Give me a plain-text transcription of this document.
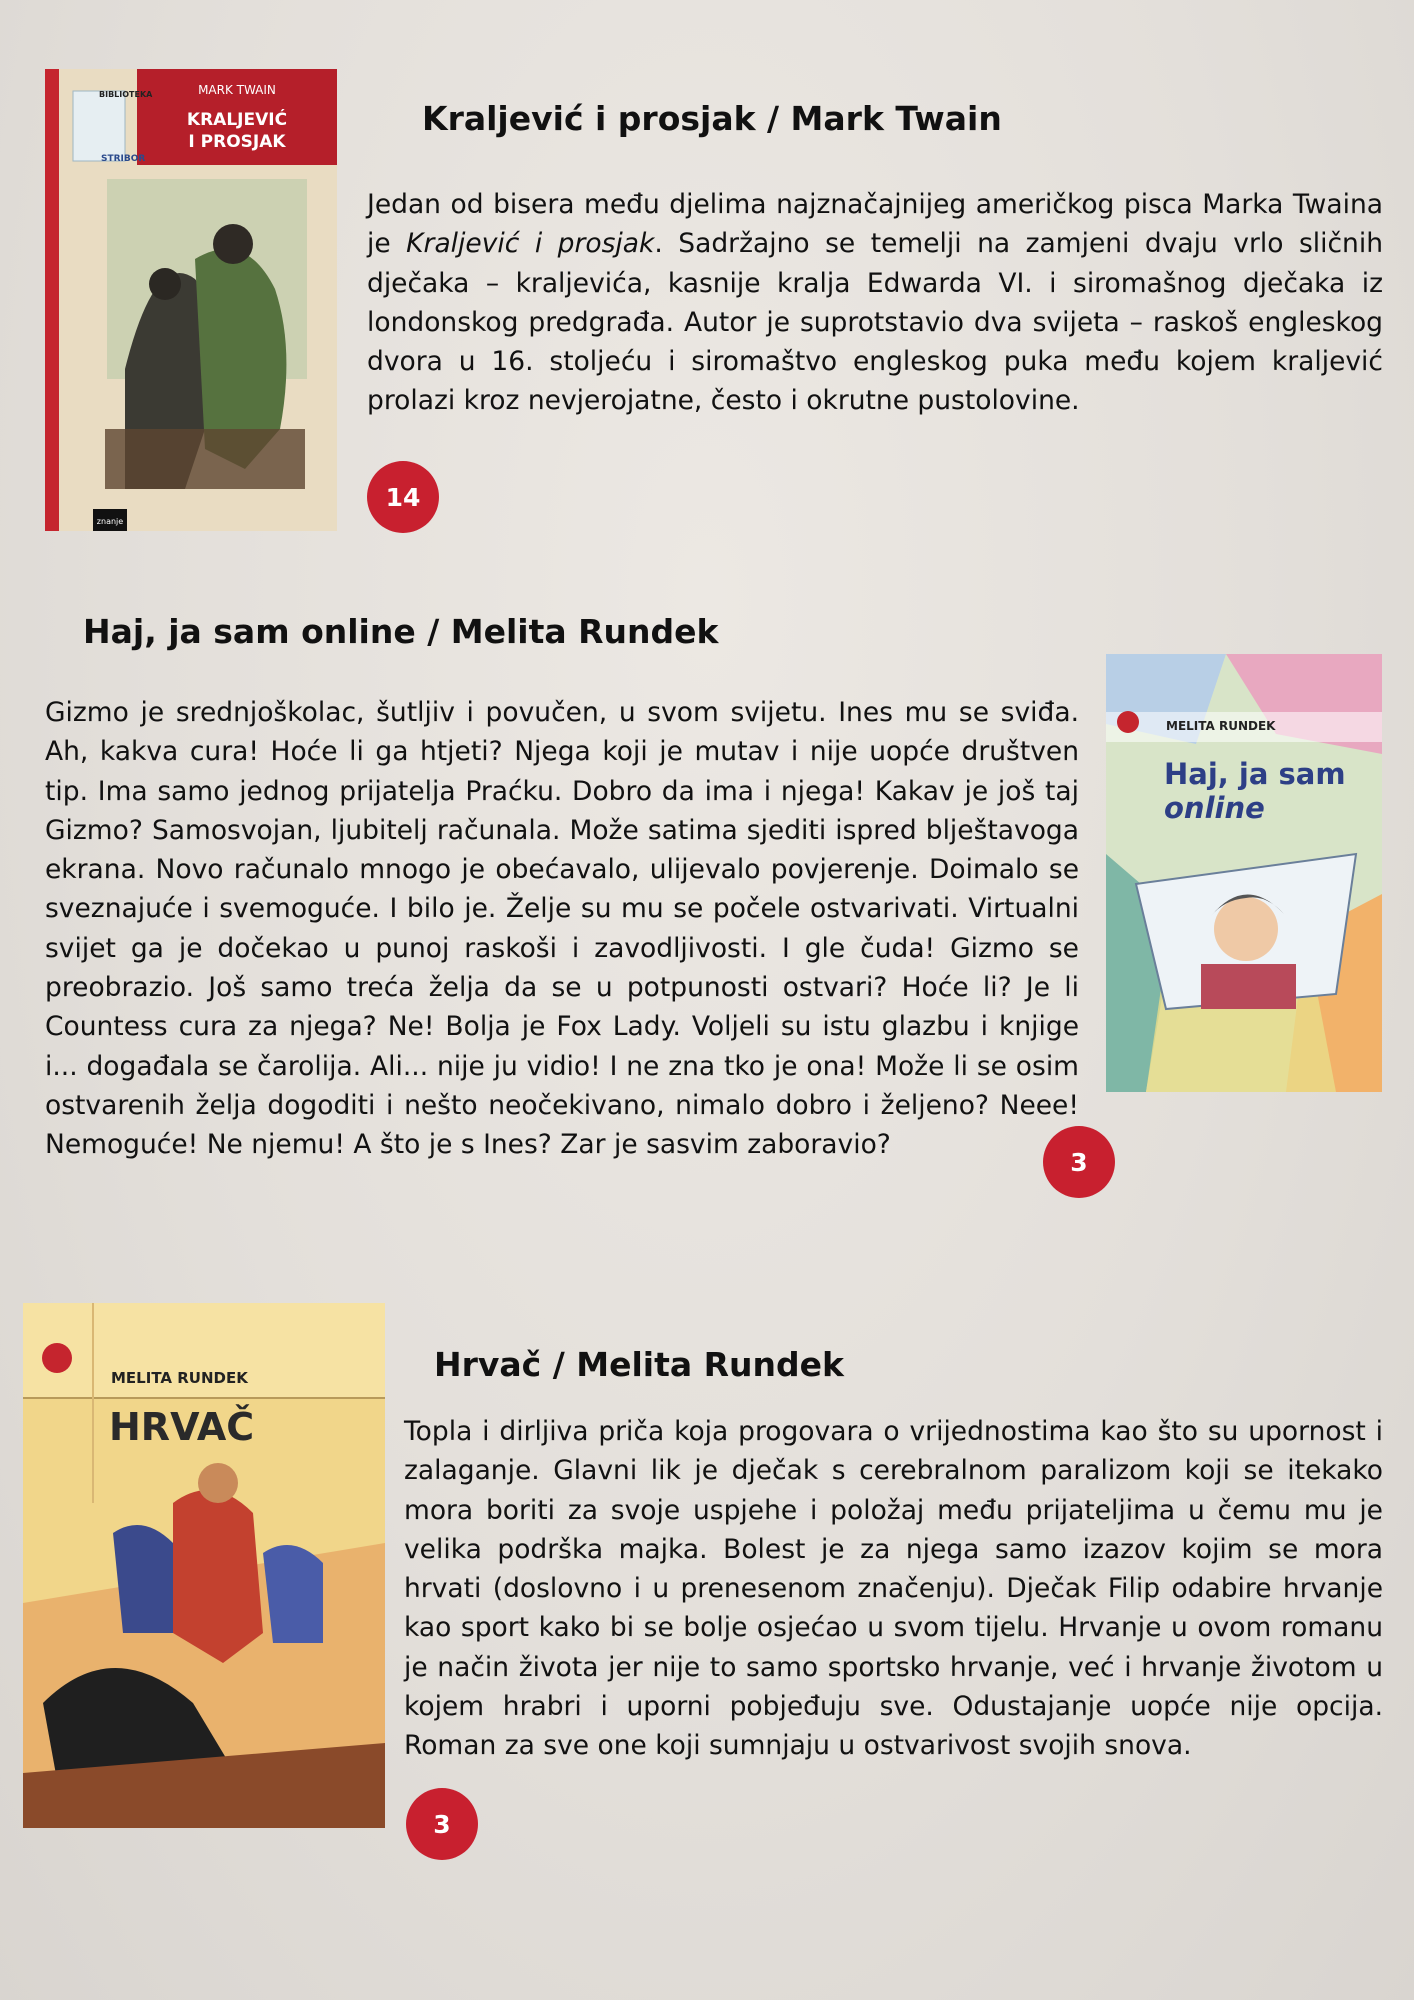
BIBLIOTEKA
STRIBOR
MARK TWAIN
KRALJEVIĆ
I PROSJAK
znanje
Kraljević i prosjak / Mark Twain

Jedan od bisera među djelima najznačajnijeg američkog pisca Marka Twaina je Kraljević i prosjak. Sadržajno se temelji na zamjeni dvaju vrlo sličnih dječaka – kraljevića, kasnije kralja Edwarda VI. i siromašnog dječaka iz londonskog predgrađa. Autor je suprotstavio dva svijeta – raskoš engleskog dvora u 16. stoljeću i siromaštvo engleskog puka među kojem kraljević prolazi kroz nevjerojatne, često i okrutne pustolovine.

14
Haj, ja sam online / Melita Rundek

Gizmo je srednjoškolac, šutljiv i povučen, u svom svijetu. Ines mu se sviđa. Ah, kakva cura! Hoće li ga htjeti? Njega koji je mutav i nije uopće društven tip. Ima samo jednog prijatelja Praćku. Dobro da ima i njega! Kakav je još taj Gizmo? Samosvojan, ljubitelj računala. Može satima sjediti ispred blještavoga ekrana. Novo računalo mnogo je obećavalo, ulijevalo povjerenje. Doimalo se sveznajuće i svemoguće. I bilo je. Želje su mu se počele ostvarivati. Virtualni svijet ga je dočekao u punoj raskoši i zavodljivosti. I gle čuda! Gizmo se preobrazio. Još samo treća želja da se u potpunosti ostvari? Hoće li? Je li Countess cura za njega? Ne! Bolja je Fox Lady. Voljeli su istu glazbu i knjige i... događala se čarolija. Ali... nije ju vidio! I ne zna tko je ona! Može li se osim ostvarenih želja dogoditi i nešto neočekivano, nimalo dobro i željeno? Neee! Nemoguće! Ne njemu! A što je s Ines? Zar je sasvim zaboravio?

MELITA RUNDEK
Haj, ja sam
online
3
MELITA RUNDEK
HRVAČ
Hrvač / Melita Rundek

Topla i dirljiva priča koja progovara o vrijednostima kao što su upornost i zalaganje. Glavni lik je dječak s cerebralnom paralizom koji se itekako mora boriti za svoje uspjehe i položaj među prijateljima u čemu mu je velika podrška majka. Bolest je za njega samo izazov kojim se mora hrvati (doslovno i u prenesenom značenju). Dječak Filip odabire hrvanje kao sport kako bi se bolje osjećao u svom tijelu. Hrvanje u ovom romanu je način života jer nije to samo sportsko hrvanje, već i hrvanje životom u kojem hrabri i uporni pobjeđuju sve. Odustajanje uopće nije opcija. Roman za sve one koji sumnjaju u ostvarivost svojih snova.

3
